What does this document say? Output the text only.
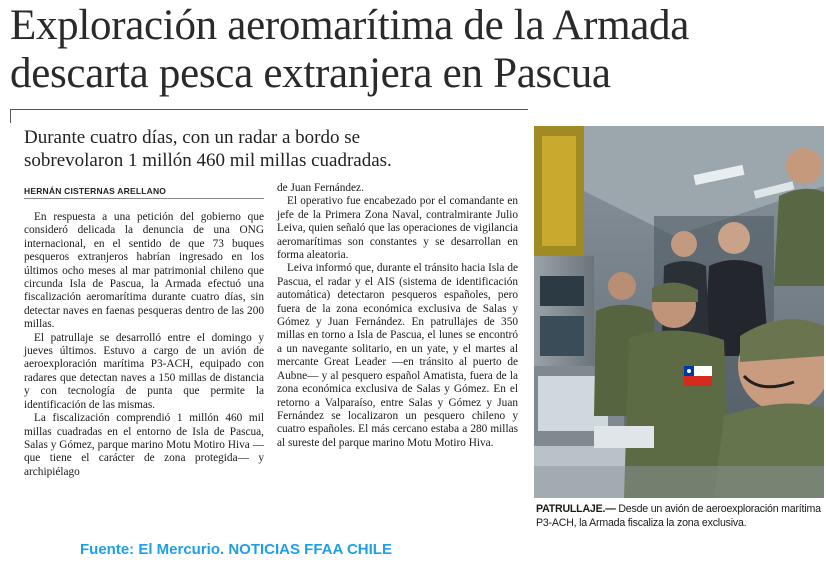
Exploración aeromarítima de la Armada
descarta pesca extranjera en Pascua
Durante cuatro días, con un radar a bordo se
sobrevolaron 1 millón 460 mil millas cuadradas.
HERNÁN CISTERNAS ARELLANO

En respuesta a una petición del gobierno que consideró delicada la denuncia de una ONG internacional, en el sentido de que 73 buques pesqueros extranjeros habrían ingresado en los últimos ocho meses al mar patrimonial chileno que circunda Isla de Pascua, la Armada efectuó una fiscalización aeromarítima durante cuatro días, sin detectar naves en faenas pesqueras dentro de las 200 millas.

El patrullaje se desarrolló entre el domingo y jueves últimos. Estuvo a cargo de un avión de aeroexploración marítima P3-ACH, equipado con radares que detectan naves a 150 millas de distancia y con tecnología de punta que permite la identificación de las mismas.

La fiscalización comprendió 1 millón 460 mil millas cuadradas en el entorno de Isla de Pascua, Salas y Gómez, parque marino Motu Motiro Hiva —que tiene el carácter de zona protegida— y archipiélago

de Juan Fernández.

El operativo fue encabezado por el comandante en jefe de la Primera Zona Naval, contralmirante Julio Leiva, quien señaló que las operaciones de vigilancia aeromarítimas son constantes y se desarrollan en forma aleatoria.

Leiva informó que, durante el tránsito hacia Isla de Pascua, el radar y el AIS (sistema de identificación automática) detectaron pesqueros españoles, pero fuera de la zona económica exclusiva de Salas y Gómez y Juan Fernández. En patrullajes de 350 millas en torno a Isla de Pascua, el lunes se encontró a un navegante solitario, en un yate, y el martes al mercante Great Leader —en tránsito al puerto de Aubne— y al pesquero español Amatista, fuera de la zona económica exclusiva de Salas y Gómez. En el retorno a Valparaíso, entre Salas y Gómez y Juan Fernández se localizaron un pesquero chileno y cuatro españoles. El más cercano estaba a 280 millas al sureste del parque marino Motu Motiro Hiva.

PATRULLAJE.— Desde un avión de aeroexploración marítima P3-ACH, la Armada fiscaliza la zona exclusiva.
Fuente: El Mercurio. NOTICIAS FFAA CHILE
